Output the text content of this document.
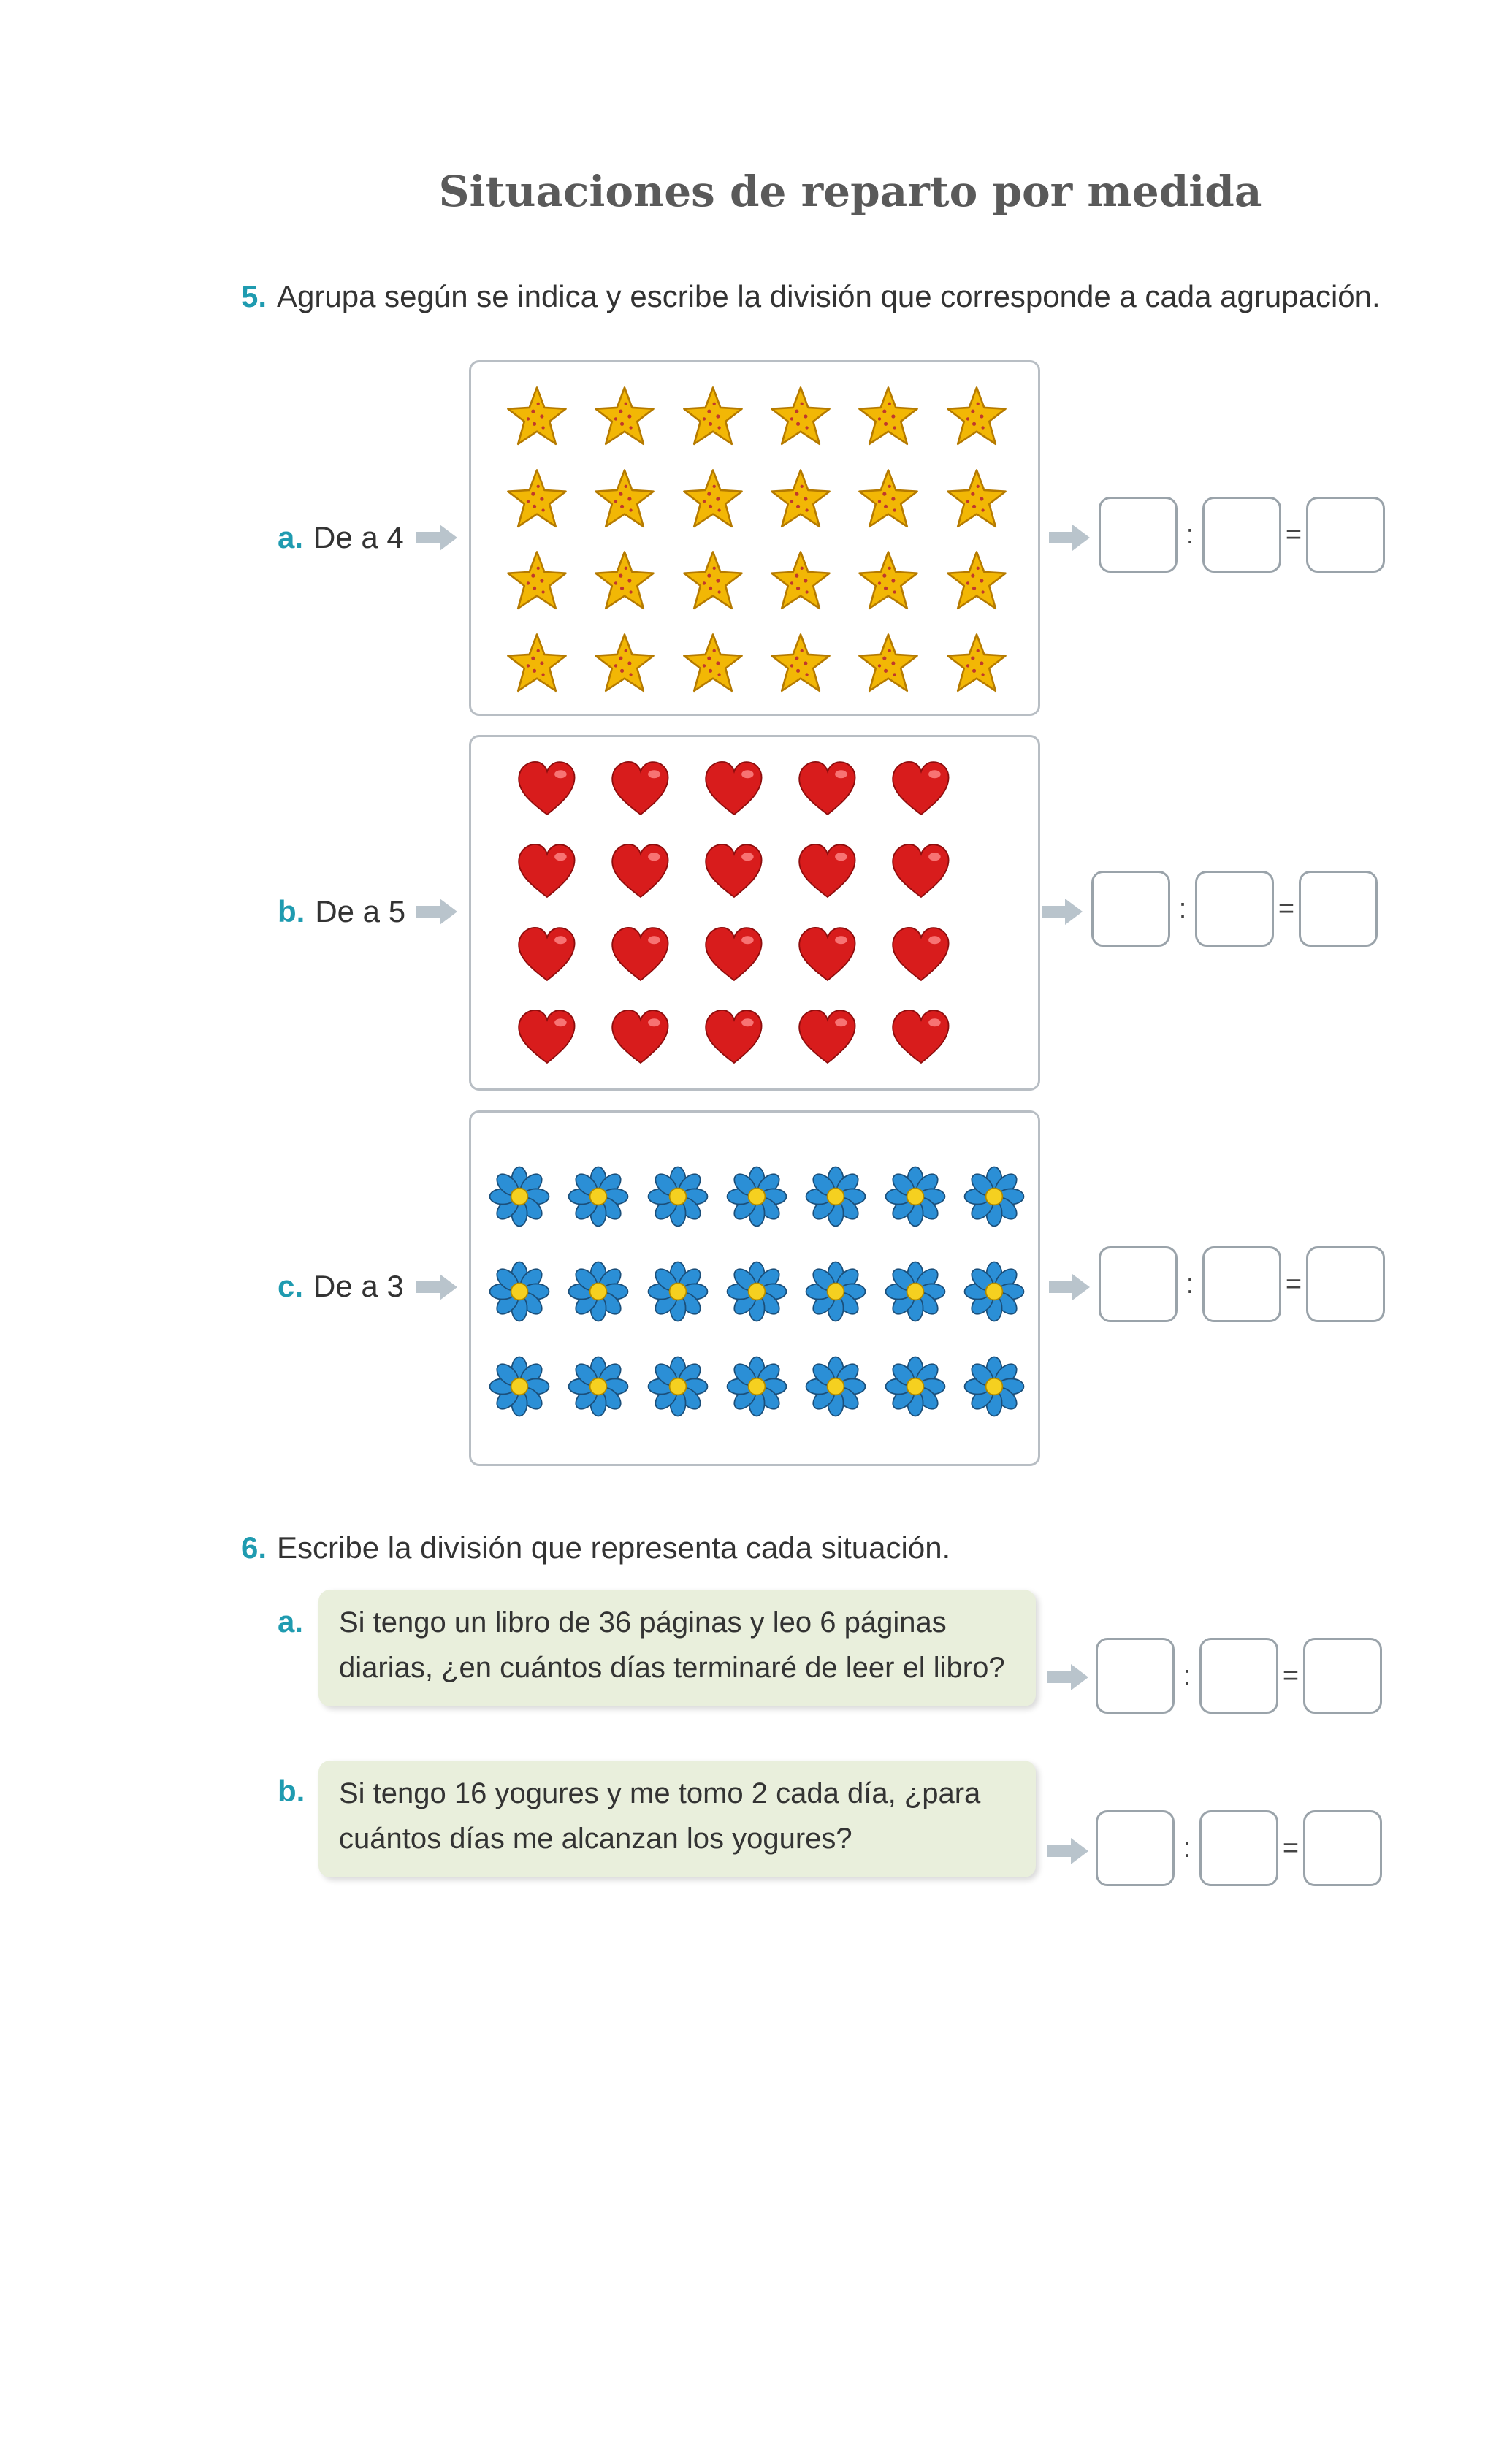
Situaciones de reparto por medida
5. Agrupa según se indica y escribe la división que corresponde a cada agrupación.
a. De a 4	:	=
b. De a 5	:	=
c. De a 3	:	=
6. Escribe la división que representa cada situación.
a.	Si tengo un libro de 36 páginas y leo 6 páginas diarias, ¿en cuántos días terminaré de leer el libro?	:	=
b.	Si tengo 16 yogures y me tomo 2 cada día, ¿para cuántos días me alcanzan los yogures?	:	=
